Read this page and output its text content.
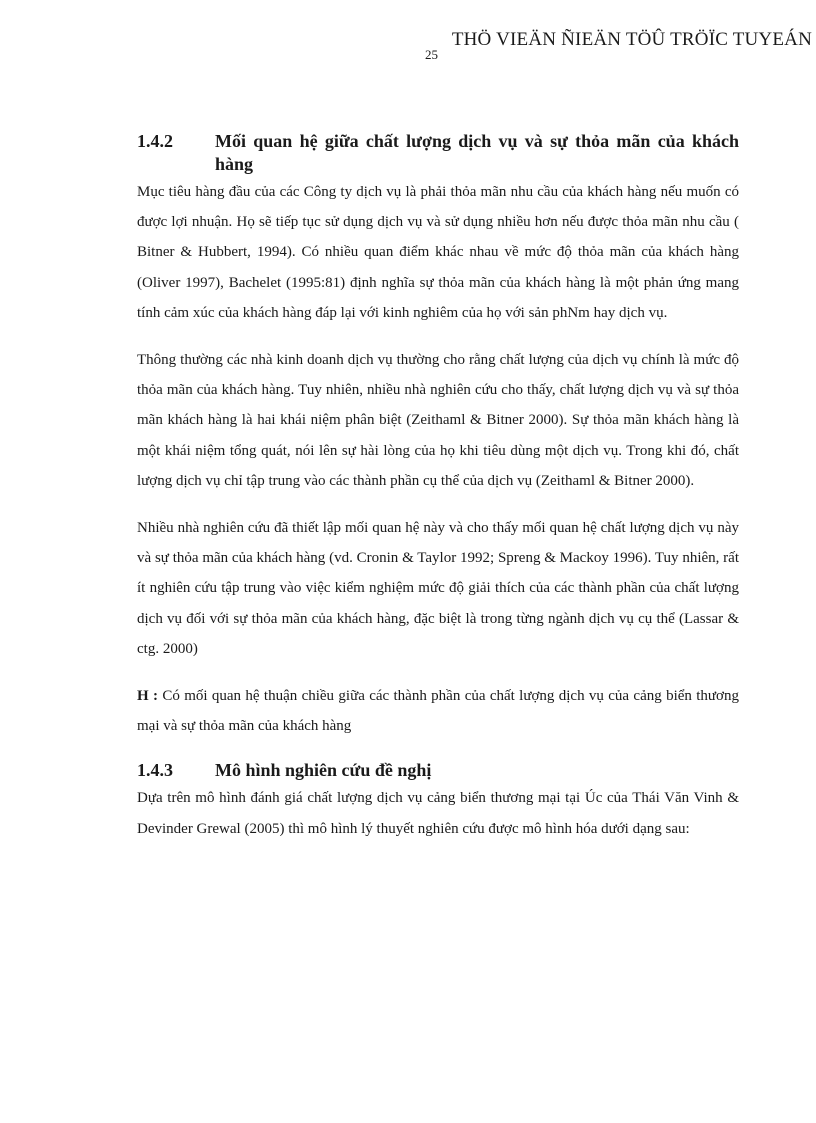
25
THÖ VIEÄN ÑIEÄN TÖÛ TRÖÏC TUYEÁN
1.4.2	Mối quan hệ giữa chất lượng dịch vụ và sự thỏa mãn của khách hàng

Mục tiêu hàng đầu của các Công ty dịch vụ là phải thỏa mãn nhu cầu của khách hàng nếu muốn có được lợi nhuận. Họ sẽ tiếp tục sử dụng dịch vụ và sử dụng nhiều hơn nếu được thỏa mãn nhu cầu ( Bitner & Hubbert, 1994). Có nhiều quan điểm khác nhau về mức độ thỏa mãn của khách hàng (Oliver 1997), Bachelet (1995:81) định nghĩa sự thỏa mãn của khách hàng là một phản ứng mang tính cảm xúc của khách hàng đáp lại với kinh nghiêm của họ với sản phNm hay dịch vụ.

Thông thường các nhà kinh doanh dịch vụ thường cho rằng chất lượng của dịch vụ chính là mức độ thỏa mãn của khách hàng. Tuy nhiên, nhiều nhà nghiên cứu cho thấy, chất lượng dịch vụ và sự thỏa mãn khách hàng là hai khái niệm phân biệt (Zeithaml & Bitner 2000). Sự thỏa mãn khách hàng là một khái niệm tổng quát, nói lên sự hài lòng của họ khi tiêu dùng một dịch vụ. Trong khi đó, chất lượng dịch vụ chỉ tập trung vào các thành phần cụ thể của dịch vụ (Zeithaml & Bitner 2000).

Nhiều nhà nghiên cứu đã thiết lập mối quan hệ này và cho thấy mối quan hệ chất lượng dịch vụ này và sự thỏa mãn của khách hàng (vd. Cronin & Taylor 1992; Spreng & Mackoy 1996). Tuy nhiên, rất ít nghiên cứu tập trung vào việc kiểm nghiệm mức độ giải thích của các thành phần của chất lượng dịch vụ đối với sự thỏa mãn của khách hàng, đặc biệt là trong từng ngành dịch vụ cụ thể (Lassar & ctg. 2000)

H : Có mối quan hệ thuận chiều giữa các thành phần của chất lượng dịch vụ của cảng biển thương mại và sự thỏa mãn của khách hàng

1.4.3	Mô hình nghiên cứu đề nghị

Dựa trên mô hình đánh giá chất lượng dịch vụ cảng biển thương mại tại Úc của Thái Văn Vinh & Devinder Grewal (2005) thì mô hình lý thuyết nghiên cứu được mô hình hóa dưới dạng sau:
